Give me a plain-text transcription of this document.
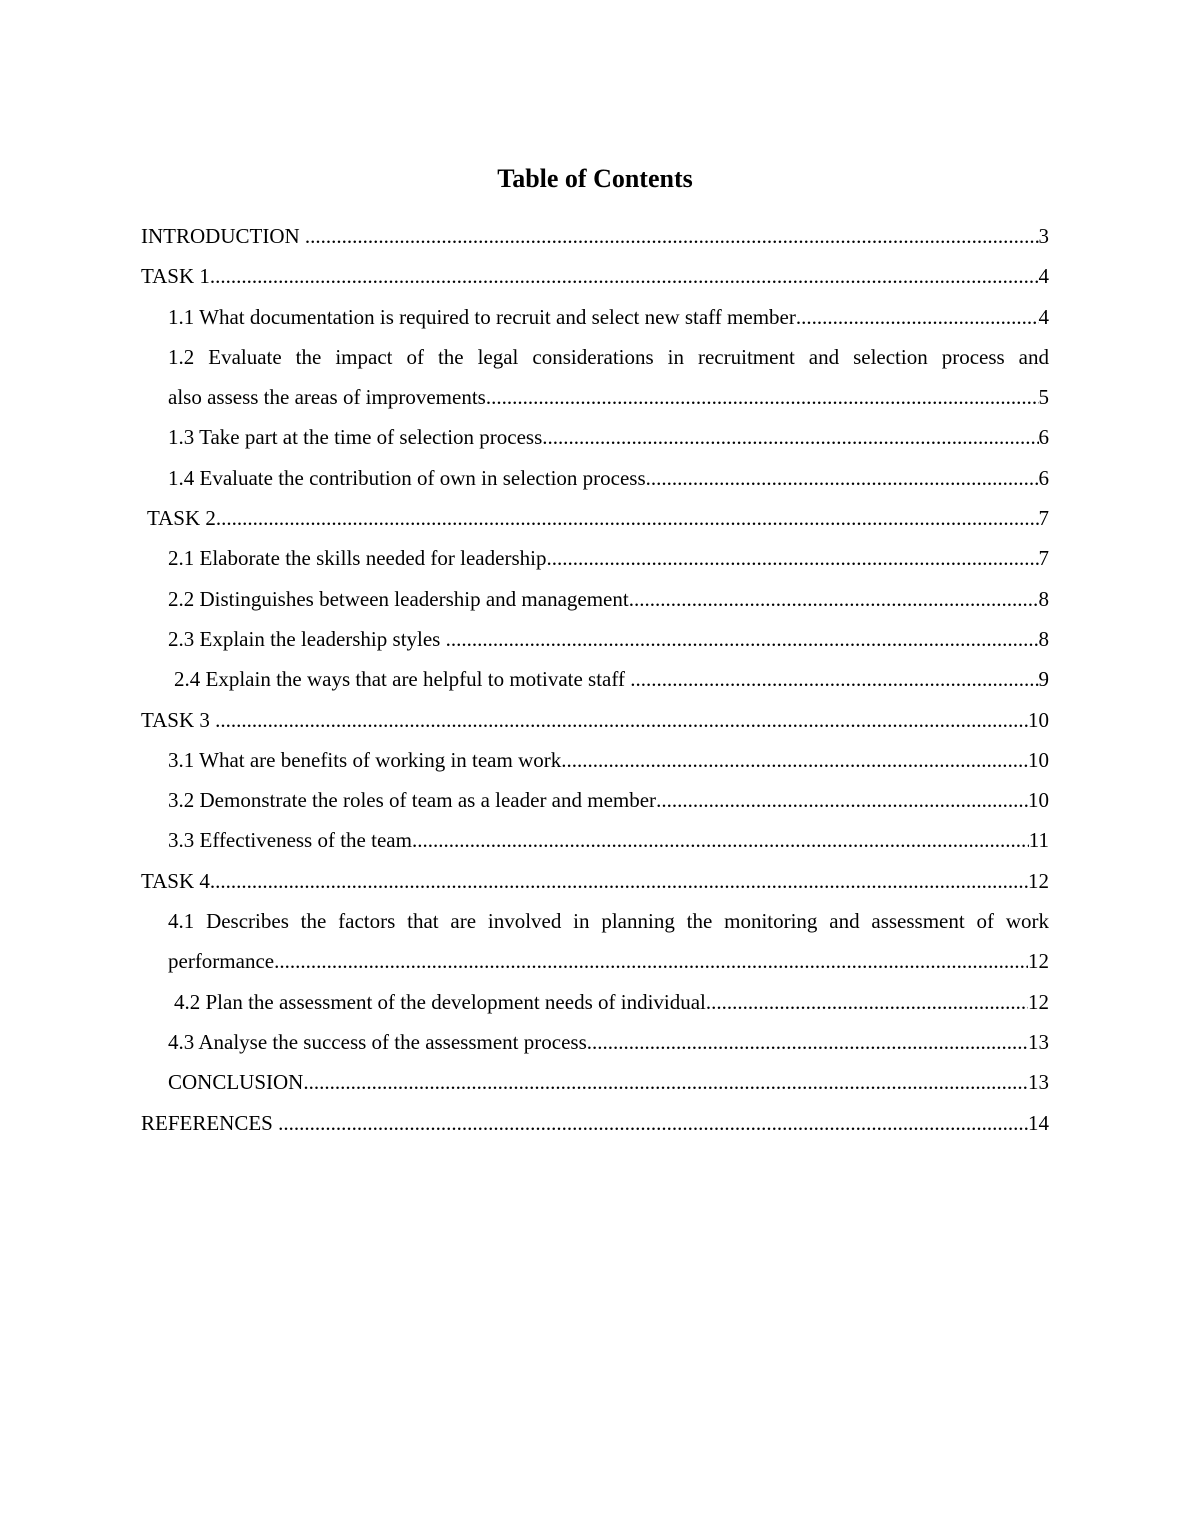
Table of Contents
INTRODUCTION .....	3
TASK 1 .....	4
1.1 What documentation is required to recruit and select new staff member .....	4
1.2 Evaluate the impact of the legal considerations in recruitment and selection process and
also assess the areas of improvements .....	5
1.3 Take part at the time of selection process .....	6
1.4 Evaluate the contribution of own in selection process .....	6
TASK 2 .....	7
2.1 Elaborate the skills needed for leadership .....	7
2.2 Distinguishes between leadership and management .....	8
2.3 Explain the leadership styles .....	8
2.4 Explain the ways that are helpful to motivate staff .....	9
TASK 3 .....	10
3.1 What are benefits of working in team work .....	10
3.2 Demonstrate the roles of team as a leader and member .....	10
3.3 Effectiveness of the team .....	11
TASK 4 .....	12
4.1 Describes the factors that are involved in planning the monitoring and assessment of work
performance .....	12
4.2 Plan the assessment of the development needs of individual .....	12
4.3 Analyse the success of the assessment process .....	13
CONCLUSION .....	13
REFERENCES .....	14
